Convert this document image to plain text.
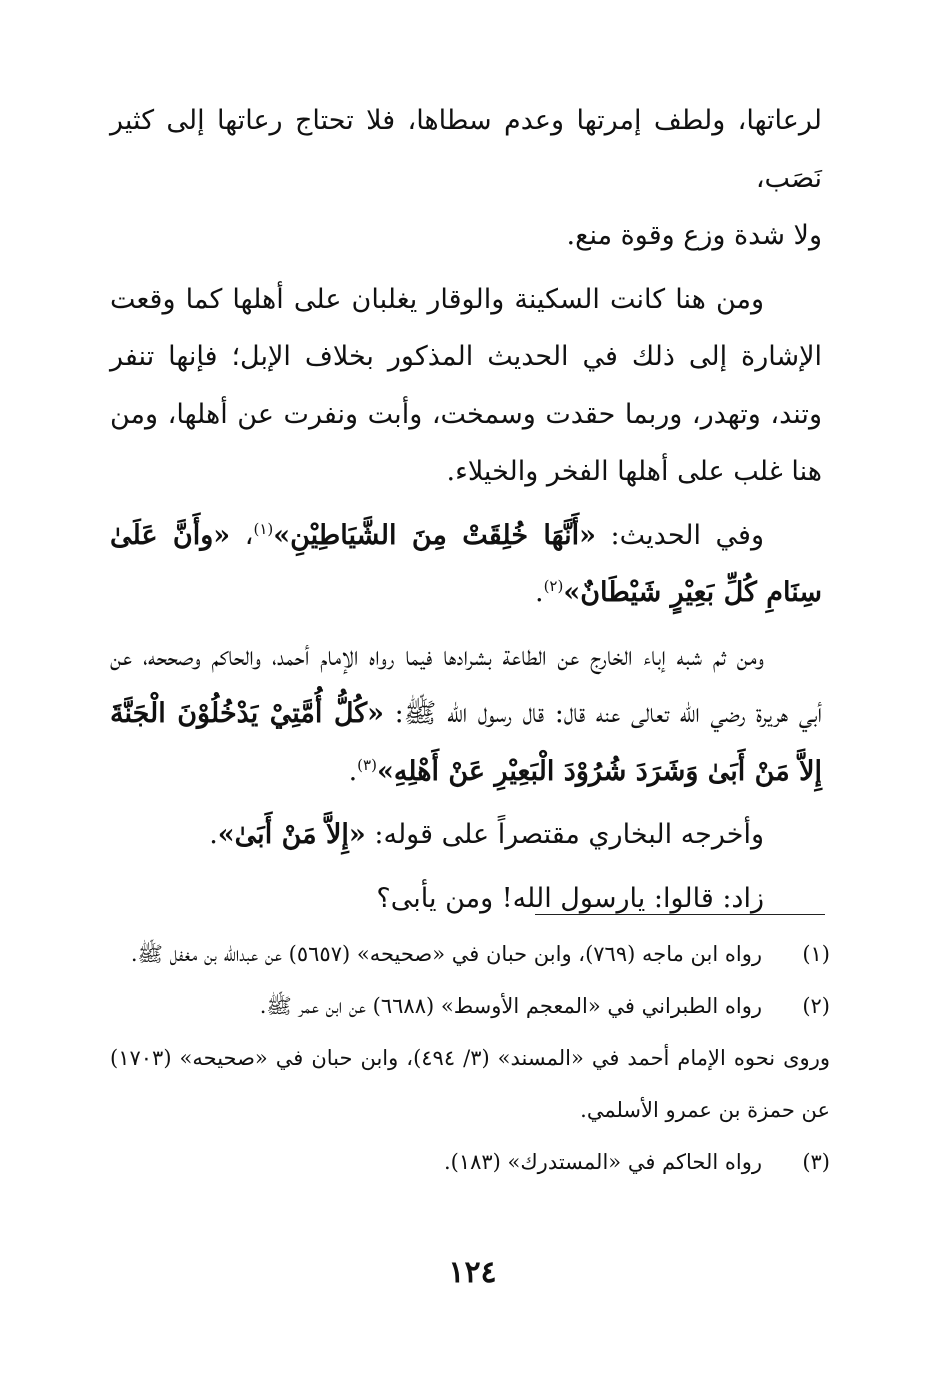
لرعاتها، ولطف إمرتها وعدم سطاها، فلا تحتاج رعاتها إلى كثير نَصَب،
ولا شدة وزع وقوة منع.

ومن هنا كانت السكينة والوقار يغلبان على أهلها كما وقعت الإشارة إلى ذلك في الحديث المذكور بخلاف الإبل؛ فإنها تنفر وتند، وتهدر، وربما حقدت وسمخت، وأبت ونفرت عن أهلها، ومن هنا غلب على أهلها الفخر والخيلاء.

وفي الحديث: «أَنَّهَا خُلِقَتْ مِنَ الشَّيَاطِيْنِ»$^{(١)}$، «وأَنَّ عَلَىٰ سِنَامِ كُلِّ بَعِيْرٍ شَيْطَانٌ»$^{(٢)}$.

ومن ثم شبه إباء الخارج عن الطاعة بشرادها فيما رواه الإمام أحمد، والحاكم وصححه، عن أبي هريرة رضي الله تعالى عنه قال: قال رسول الله ﷺ: «كُلُّ أُمَّتِيْ يَدْخُلُوْنَ الْجَنَّةَ إِلاَّ مَنْ أَبَىٰ وَشَرَدَ شُرُوْدَ الْبَعِيْرِ عَنْ أَهْلِهِ»$^{(٣)}$.

وأخرجه البخاري مقتصراً على قوله: «إِلاَّ مَنْ أَبَىٰ».

زاد: قالوا: يارسول الله! ومن يأبى؟

(١)
رواه ابن ماجه (٧٦٩)، وابن حبان في «صحيحه» (٥٦٥٧) عن عبدالله بن مغفل ﷺ.
(٢)
رواه الطبراني في «المعجم الأوسط» (٦٦٨٨) عن ابن عمر ﷺ.

وروى نحوه الإمام أحمد في «المسند» (٣/ ٤٩٤)، وابن حبان في «صحيحه» (١٧٠٣) عن حمزة بن عمرو الأسلمي.

(٣)
رواه الحاكم في «المستدرك» (١٨٣).
١٢٤
